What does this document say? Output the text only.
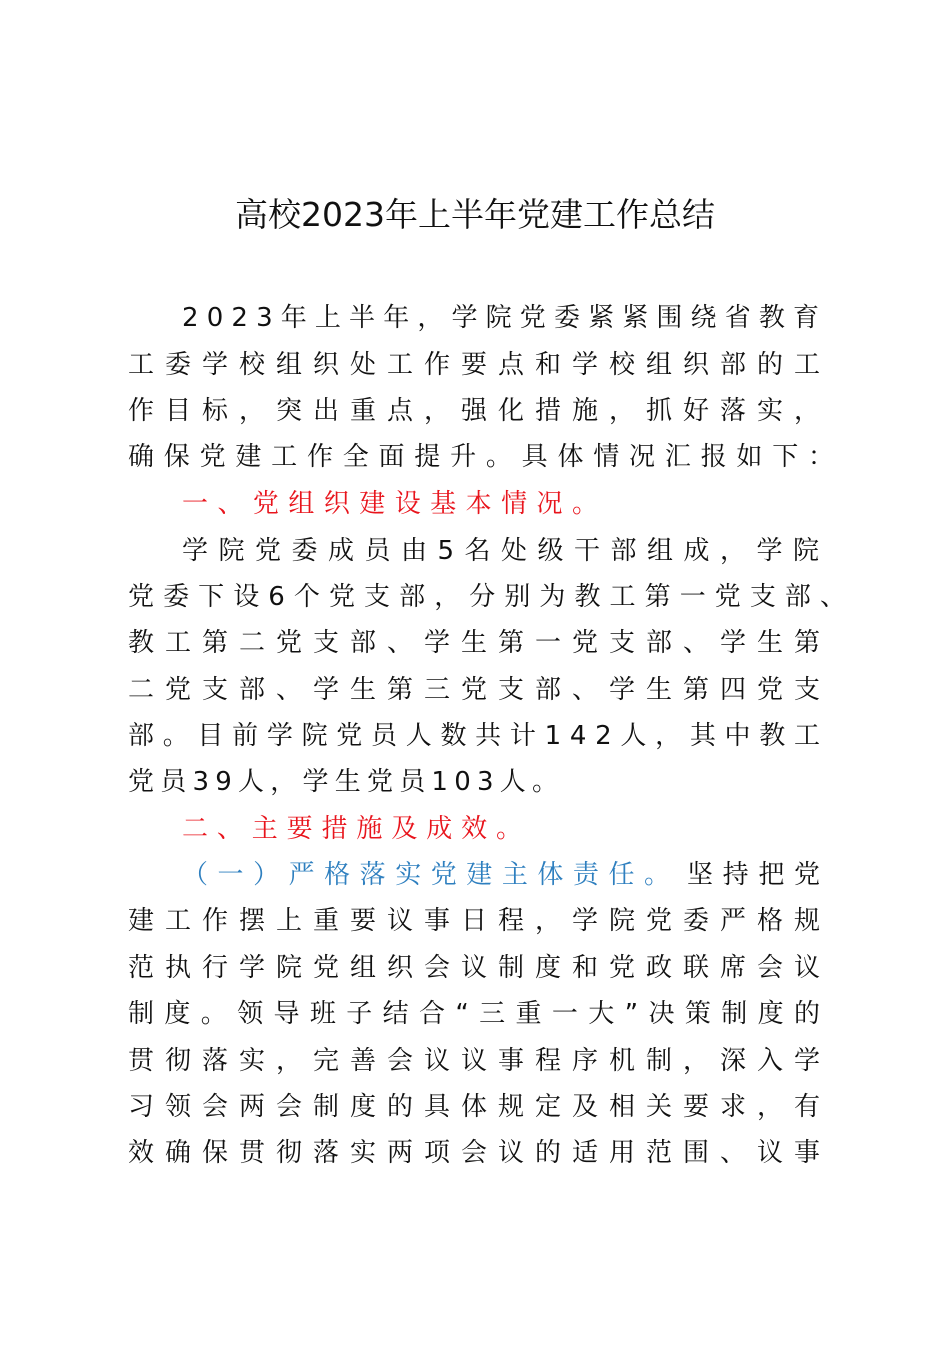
高校2023年上半年党建工作总结
2023年上半年，学院党委紧紧围绕省教育
工委学校组织处工作要点和学校组织部的工
作目标，突出重点，强化措施，抓好落实，
确保党建工作全面提升。具体情况汇报如下：
一、党组织建设基本情况。
学院党委成员由5名处级干部组成，学院
党委下设6个党支部，分别为教工第一党支部、
教工第二党支部、学生第一党支部、学生第
二党支部、学生第三党支部、学生第四党支
部。目前学院党员人数共计142人，其中教工
党员39人，学生党员103人。
二、主要措施及成效。
（一）严格落实党建主体责任。 坚持把党
建工作摆上重要议事日程，学院党委严格规
范执行学院党组织会议制度和党政联席会议
制度。领导班子结合“三重一大”决策制度的
贯彻落实，完善会议议事程序机制，深入学
习领会两会制度的具体规定及相关要求，有
效确保贯彻落实两项会议的适用范围、议事
